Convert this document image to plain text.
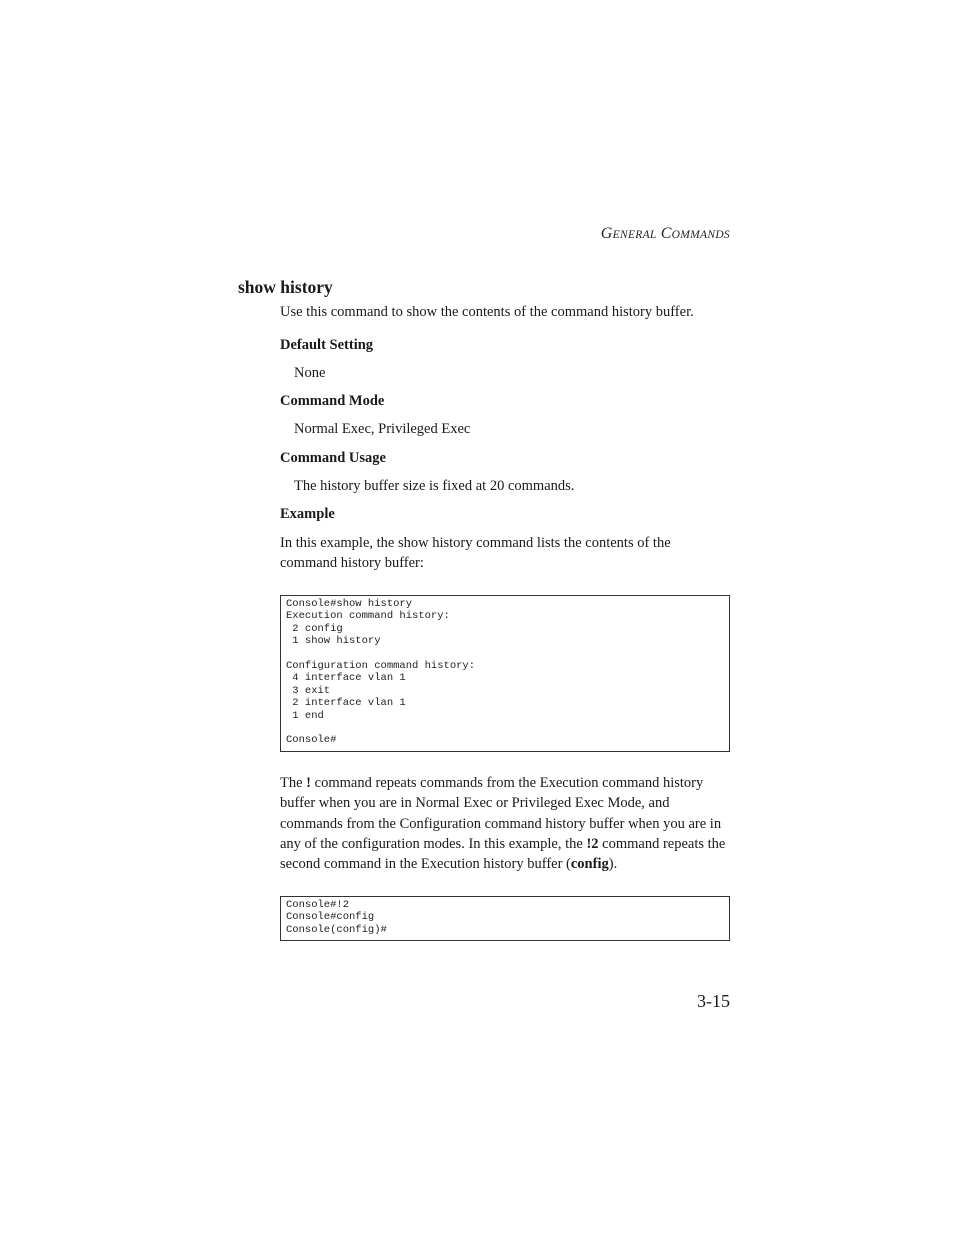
GENERAL COMMANDS
show history

Use this command to show the contents of the command history buffer.

Default Setting

None

Command Mode

Normal Exec, Privileged Exec

Command Usage

The history buffer size is fixed at 20 commands.

Example

In this example, the show history command lists the contents of the command history buffer:

Console#show history
Execution command history:
2 config
1 show history

Configuration command history:
4 interface vlan 1
3 exit
2 interface vlan 1
1 end

Console#

The ! command repeats commands from the Execution command history buffer when you are in Normal Exec or Privileged Exec Mode, and commands from the Configuration command history buffer when you are in any of the configuration modes. In this example, the !2 command repeats the second command in the Execution history buffer (config).

Console#!2
Console#config
Console(config)#

3-15
